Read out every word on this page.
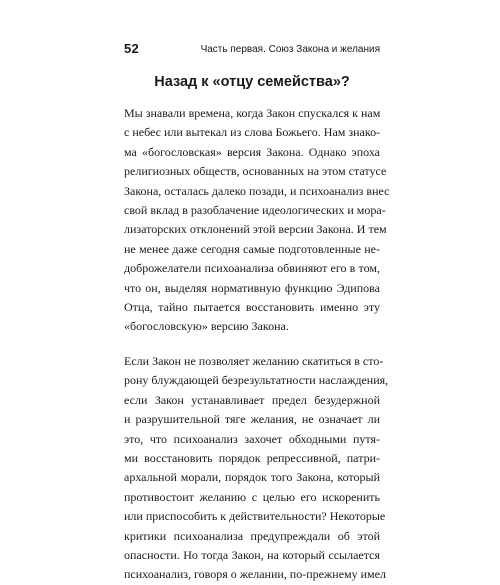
52	Часть первая. Союз Закона и желания
Назад к «отцу семейства»?

Мы знавали времена, когда Закон спускался к нам
с небес или вытекал из слова Божьего. Нам знако-
ма «богословская» версия Закона. Однако эпоха
религиозных обществ, основанных на этом статусе
Закона, осталась далеко позади, и психоанализ внес
свой вклад в разоблачение идеологических и мора-
лизаторских отклонений этой версии Закона. И тем
не менее даже сегодня самые подготовленные не-
доброжелатели психоанализа обвиняют его в том,
что он, выделяя нормативную функцию Эдипова
Отца, тайно пытается восстановить именно эту
«богословскую» версию Закона.

Если Закон не позволяет желанию скатиться в сто-
рону блуждающей безрезультатности наслаждения,
если Закон устанавливает предел безудержной
и разрушительной тяге желания, не означает ли
это, что психоанализ захочет обходными путя-
ми восстановить порядок репрессивной, патри-
архальной морали, порядок того Закона, который
противостоит желанию с целью его искоренить
или приспособить к действительности? Некоторые
критики психоанализа предупреждали об этой
опасности. Но тогда Закон, на который ссылается
психоанализ, говоря о желании, по-прежнему имел
